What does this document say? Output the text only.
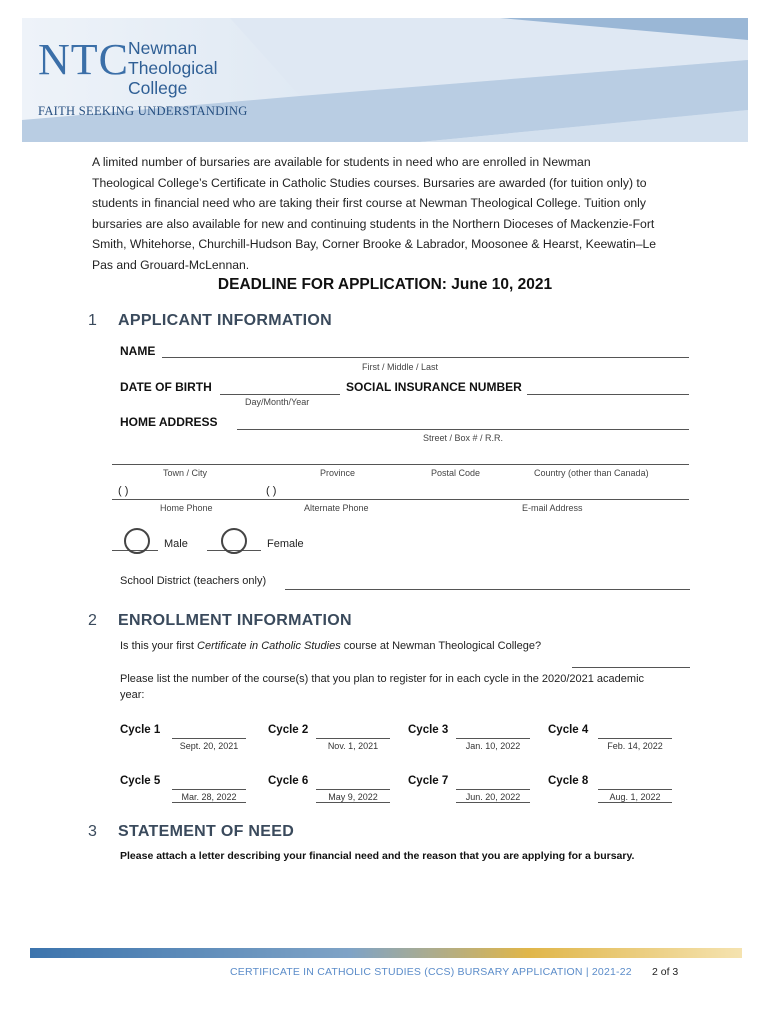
NTC Newman
Theological
College
FAITH SEEKING UNDERSTANDING
A limited number of bursaries are available for students in need who are enrolled in Newman
Theological College’s Certificate in Catholic Studies courses. Bursaries are awarded (for tuition only) to
students in financial need who are taking their first course at Newman Theological College. Tuition only
bursaries are also available for new and continuing students in the Northern Dioceses of Mackenzie-Fort
Smith, Whitehorse, Churchill-Hudson Bay, Corner Brooke & Labrador, Moosonee & Hearst, Keewatin–Le
Pas and Grouard-McLennan.
DEADLINE FOR APPLICATION: June 10, 2021
1 APPLICANT INFORMATION
NAME
First / Middle / Last
DATE OF BIRTH
Day/Month/Year
SOCIAL INSURANCE NUMBER
HOME ADDRESS
Street / Box # / R.R.
Town / City	Province	Postal Code	Country (other than Canada)
( )	( )
Home Phone	Alternate Phone	E-mail Address
Male	Female
School District (teachers only)
2 ENROLLMENT INFORMATION
Is this your first Certificate in Catholic Studies course at Newman Theological College?
Please list the number of the course(s) that you plan to register for in each cycle in the 2020/2021 academic
year:
Cycle 1
Sept. 20, 2021
Cycle 2
Nov. 1, 2021
Cycle 3
Jan. 10, 2022
Cycle 4
Feb. 14, 2022
Cycle 5
Mar. 28, 2022
Cycle 6
May 9, 2022
Cycle 7
Jun. 20, 2022
Cycle 8
Aug. 1, 2022
3 STATEMENT OF NEED
Please attach a letter describing your financial need and the reason that you are applying for a bursary.
CERTIFICATE IN CATHOLIC STUDIES (CCS) BURSARY APPLICATION | 2021-22 2 of 3
